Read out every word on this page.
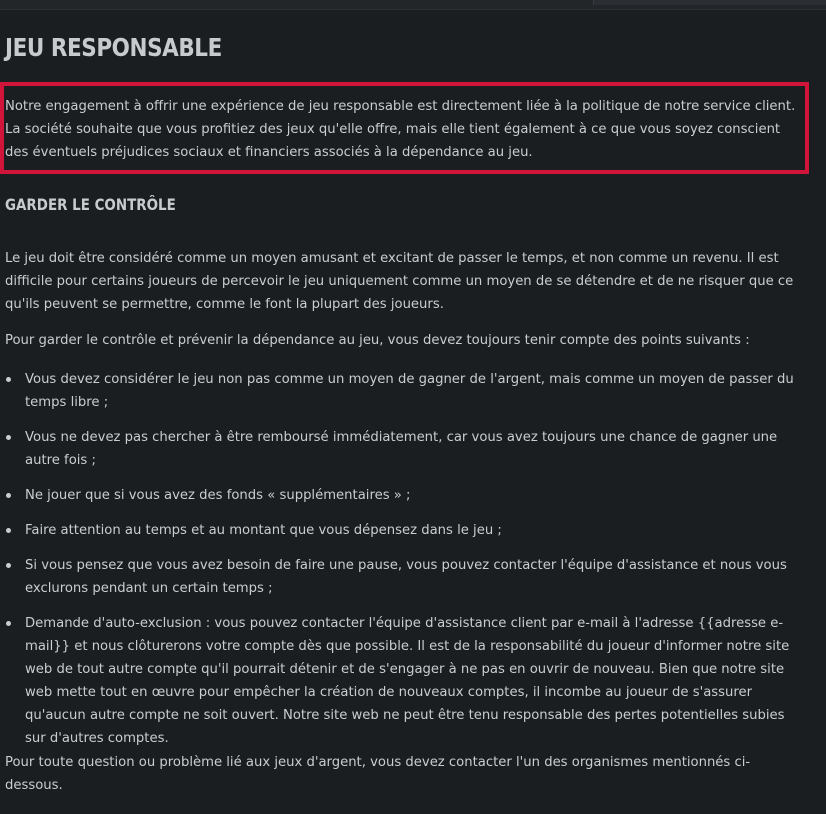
JEU RESPONSABLE

Notre engagement à offrir une expérience de jeu responsable est directement liée à la politique de notre service client. La société souhaite que vous profitiez des jeux qu'elle offre, mais elle tient également à ce que vous soyez conscient des éventuels préjudices sociaux et financiers associés à la dépendance au jeu.

GARDER LE CONTRÔLE

Le jeu doit être considéré comme un moyen amusant et excitant de passer le temps, et non comme un revenu. Il est difficile pour certains joueurs de percevoir le jeu uniquement comme un moyen de se détendre et de ne risquer que ce qu'ils peuvent se permettre, comme le font la plupart des joueurs.

Pour garder le contrôle et prévenir la dépendance au jeu, vous devez toujours tenir compte des points suivants :

Vous devez considérer le jeu non pas comme un moyen de gagner de l'argent, mais comme un moyen de passer du temps libre ;
Vous ne devez pas chercher à être remboursé immédiatement, car vous avez toujours une chance de gagner une autre fois ;
Ne jouer que si vous avez des fonds « supplémentaires » ;
Faire attention au temps et au montant que vous dépensez dans le jeu ;
Si vous pensez que vous avez besoin de faire une pause, vous pouvez contacter l'équipe d'assistance et nous vous exclurons pendant un certain temps ;
Demande d'auto-exclusion : vous pouvez contacter l'équipe d'assistance client par e-mail à l'adresse {{adresse e-mail}} et nous clôturerons votre compte dès que possible. Il est de la responsabilité du joueur d'informer notre site web de tout autre compte qu'il pourrait détenir et de s'engager à ne pas en ouvrir de nouveau. Bien que notre site web mette tout en œuvre pour empêcher la création de nouveaux comptes, il incombe au joueur de s'assurer qu'aucun autre compte ne soit ouvert. Notre site web ne peut être tenu responsable des pertes potentielles subies sur d'autres comptes.

Pour toute question ou problème lié aux jeux d'argent, vous devez contacter l'un des organismes mentionnés ci-dessous.
